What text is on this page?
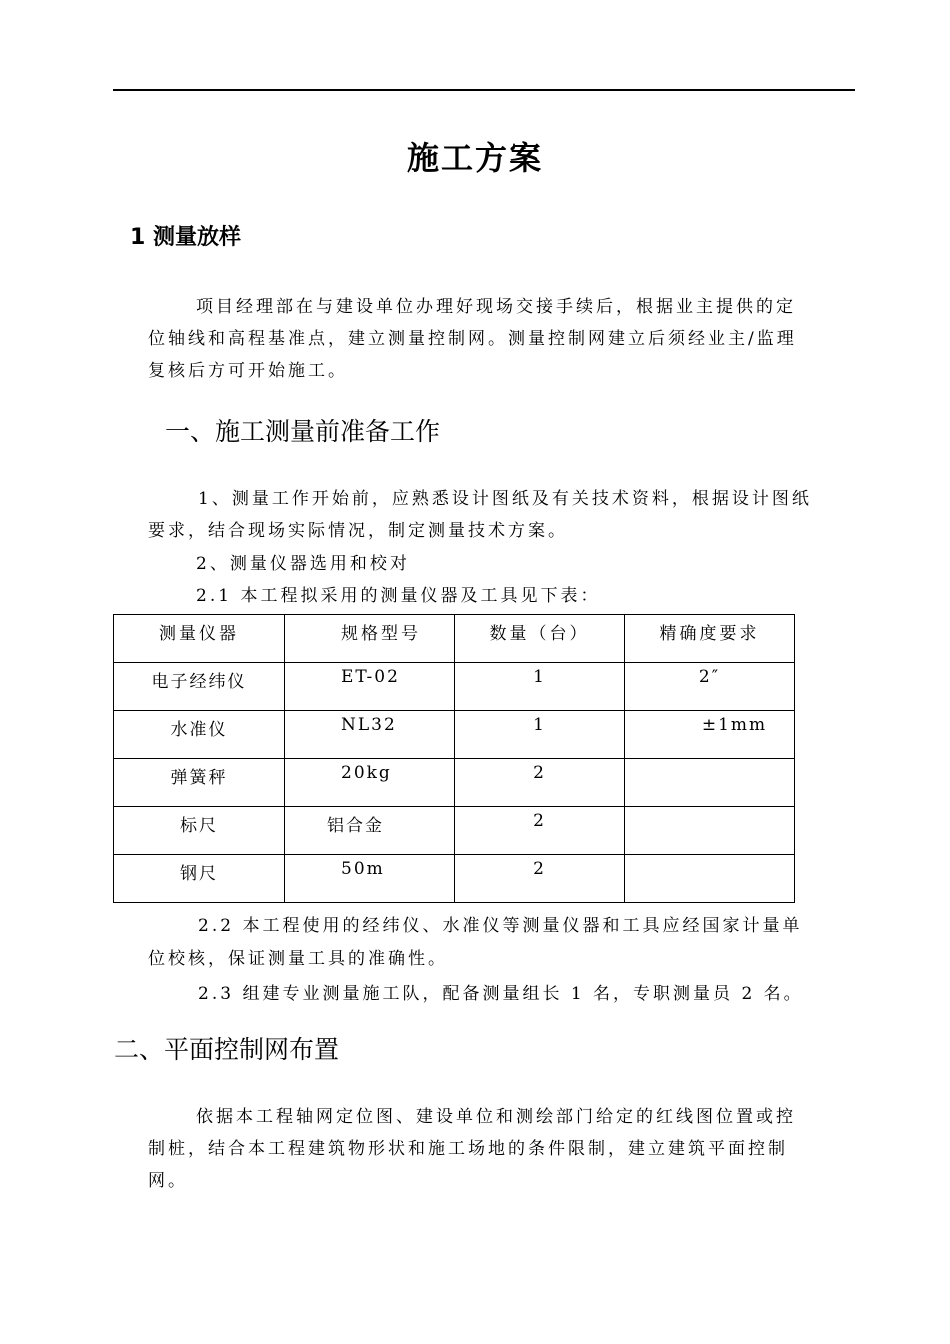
施工方案
1 测量放样
项目经理部在与建设单位办理好现场交接手续后，根据业主提供的定
位轴线和高程基准点，建立测量控制网。测量控制网建立后须经业主/监理
复核后方可开始施工。
一、施工测量前准备工作
1、测量工作开始前，应熟悉设计图纸及有关技术资料，根据设计图纸
要求，结合现场实际情况，制定测量技术方案。
2、测量仪器选用和校对
2.1 本工程拟采用的测量仪器及工具见下表：
测量仪器	规格型号	数量（台）	精确度要求
电子经纬仪	ET-02	1	2″
水准仪	NL32	1	±1mm
弹簧秤	20kg	2	
标尺	铝合金	2	
钢尺	50m	2	
2.2 本工程使用的经纬仪、水准仪等测量仪器和工具应经国家计量单
位校核，保证测量工具的准确性。
2.3 组建专业测量施工队，配备测量组长 1 名，专职测量员 2 名。
二、平面控制网布置
依据本工程轴网定位图、建设单位和测绘部门给定的红线图位置或控
制桩，结合本工程建筑物形状和施工场地的条件限制，建立建筑平面控制
网。
